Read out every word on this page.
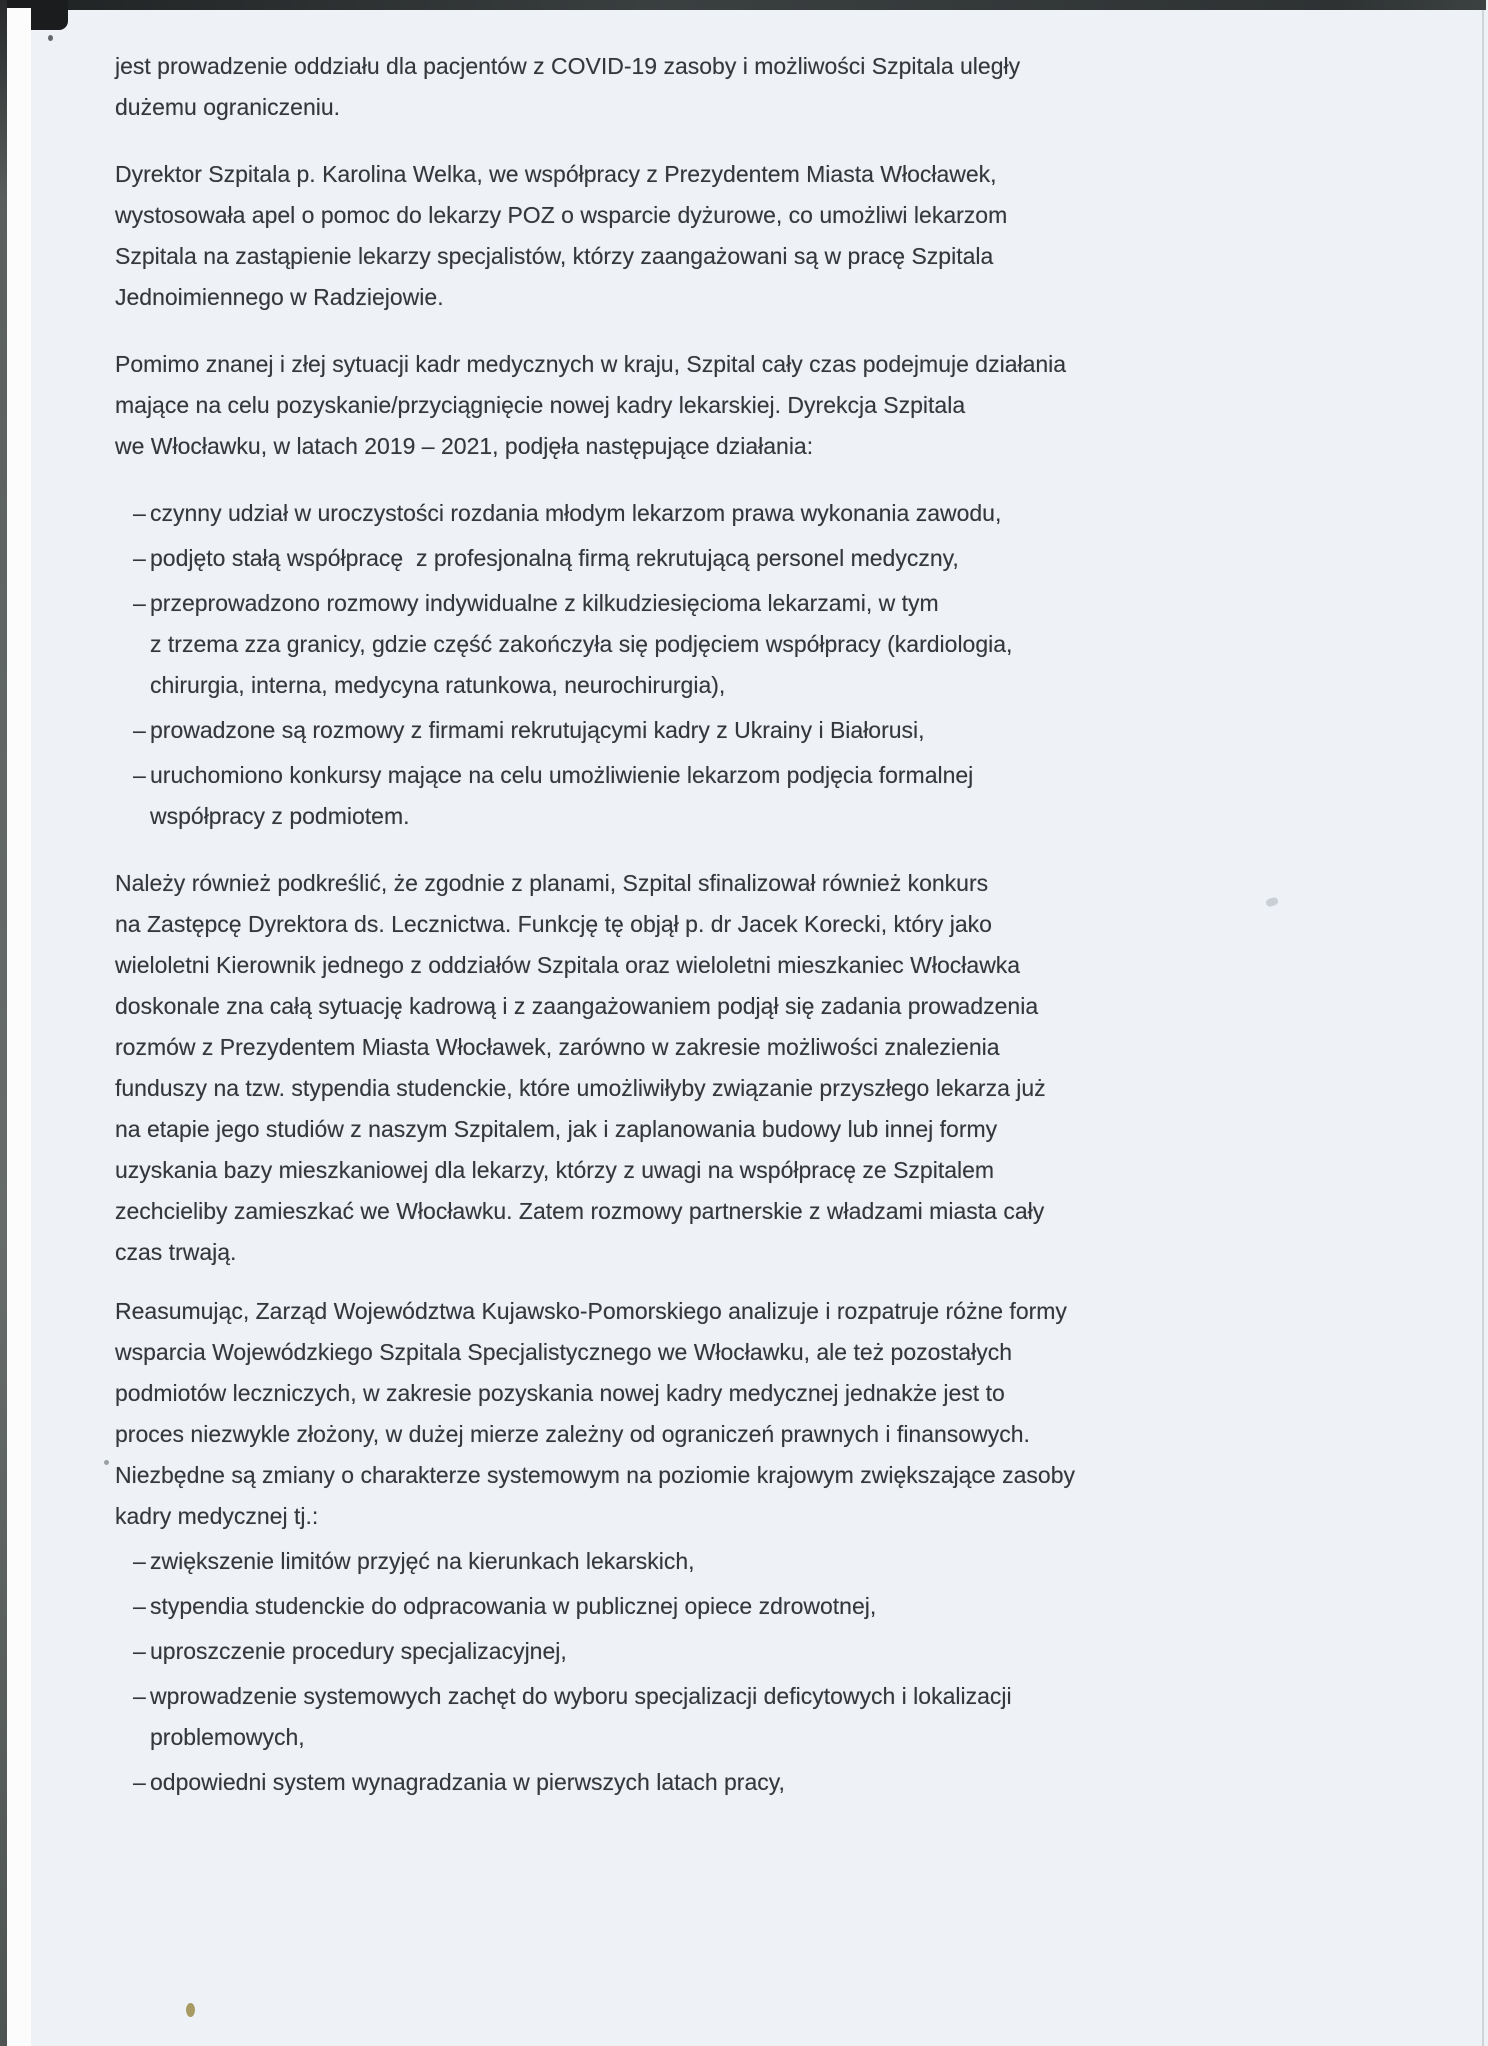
jest prowadzenie oddziału dla pacjentów z COVID-19 zasoby i możliwości Szpitala uległy
dużemu ograniczeniu.
Dyrektor Szpitala p. Karolina Welka, we współpracy z Prezydentem Miasta Włocławek,
wystosowała apel o pomoc do lekarzy POZ o wsparcie dyżurowe, co umożliwi lekarzom
Szpitala na zastąpienie lekarzy specjalistów, którzy zaangażowani są w pracę Szpitala
Jednoimiennego w Radziejowie.
Pomimo znanej i złej sytuacji kadr medycznych w kraju, Szpital cały czas podejmuje działania
mające na celu pozyskanie/przyciągnięcie nowej kadry lekarskiej. Dyrekcja Szpitala
we Włocławku, w latach 2019 – 2021, podjęła następujące działania:
– czynny udział w uroczystości rozdania młodym lekarzom prawa wykonania zawodu,
– podjęto stałą współpracę  z profesjonalną firmą rekrutującą personel medyczny,
– przeprowadzono rozmowy indywidualne z kilkudziesięcioma lekarzami, w tym
z trzema zza granicy, gdzie część zakończyła się podjęciem współpracy (kardiologia,
chirurgia, interna, medycyna ratunkowa, neurochirurgia),
– prowadzone są rozmowy z firmami rekrutującymi kadry z Ukrainy i Białorusi,
– uruchomiono konkursy mające na celu umożliwienie lekarzom podjęcia formalnej
współpracy z podmiotem.
Należy również podkreślić, że zgodnie z planami, Szpital sfinalizował również konkurs
na Zastępcę Dyrektora ds. Lecznictwa. Funkcję tę objął p. dr Jacek Korecki, który jako
wieloletni Kierownik jednego z oddziałów Szpitala oraz wieloletni mieszkaniec Włocławka
doskonale zna całą sytuację kadrową i z zaangażowaniem podjął się zadania prowadzenia
rozmów z Prezydentem Miasta Włocławek, zarówno w zakresie możliwości znalezienia
funduszy na tzw. stypendia studenckie, które umożliwiłyby związanie przyszłego lekarza już
na etapie jego studiów z naszym Szpitalem, jak i zaplanowania budowy lub innej formy
uzyskania bazy mieszkaniowej dla lekarzy, którzy z uwagi na współpracę ze Szpitalem
zechcieliby zamieszkać we Włocławku. Zatem rozmowy partnerskie z władzami miasta cały
czas trwają.
Reasumując, Zarząd Województwa Kujawsko-Pomorskiego analizuje i rozpatruje różne formy
wsparcia Wojewódzkiego Szpitala Specjalistycznego we Włocławku, ale też pozostałych
podmiotów leczniczych, w zakresie pozyskania nowej kadry medycznej jednakże jest to
proces niezwykle złożony, w dużej mierze zależny od ograniczeń prawnych i finansowych.
Niezbędne są zmiany o charakterze systemowym na poziomie krajowym zwiększające zasoby
kadry medycznej tj.:
– zwiększenie limitów przyjęć na kierunkach lekarskich,
– stypendia studenckie do odpracowania w publicznej opiece zdrowotnej,
– uproszczenie procedury specjalizacyjnej,
– wprowadzenie systemowych zachęt do wyboru specjalizacji deficytowych i lokalizacji
problemowych,
– odpowiedni system wynagradzania w pierwszych latach pracy,
